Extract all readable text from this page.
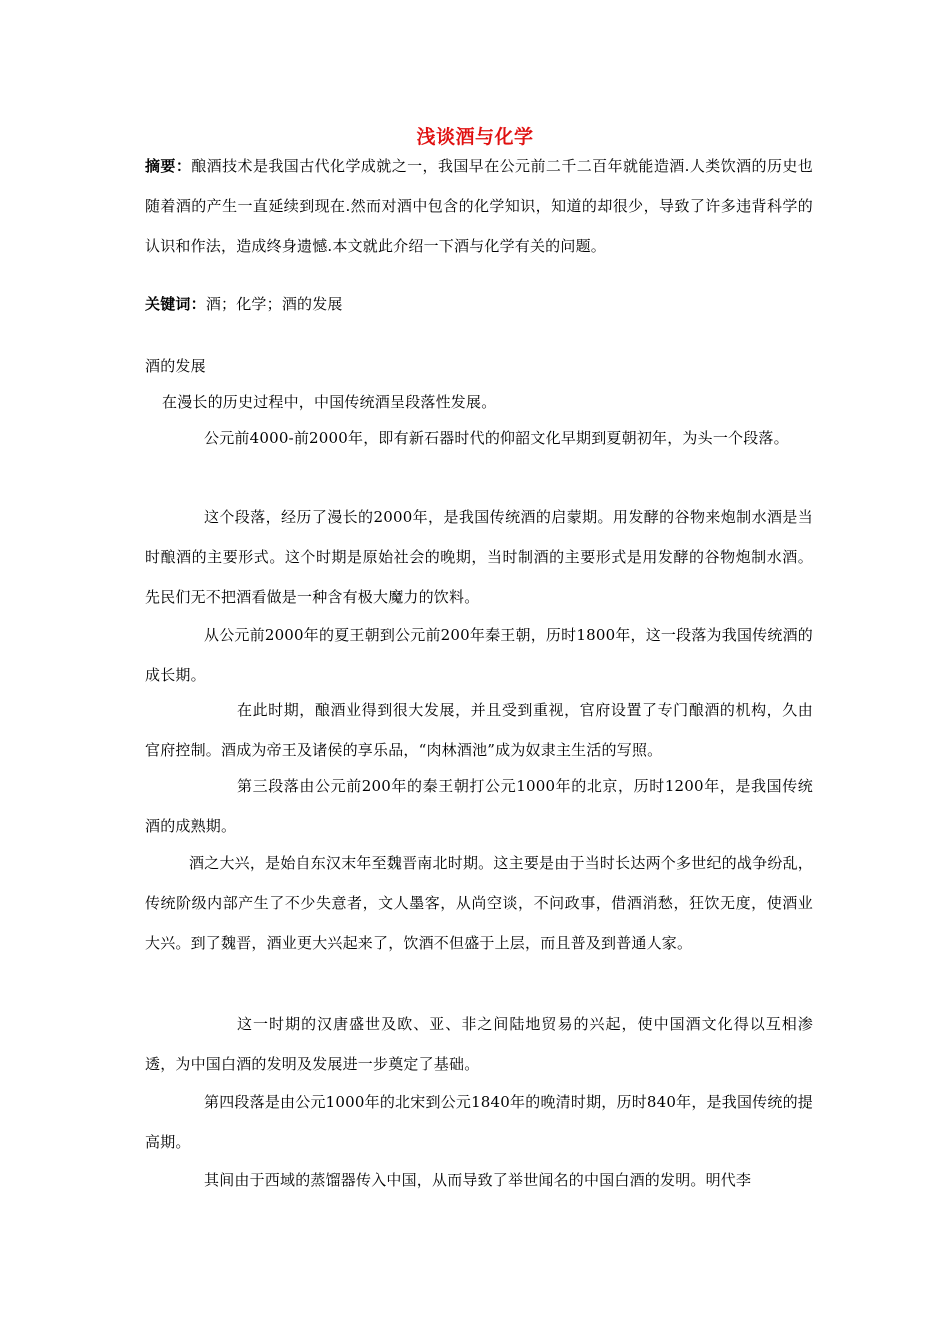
浅谈酒与化学
摘要：酿酒技术是我国古代化学成就之一，我国早在公元前二千二百年就能造酒.人类饮酒的历史也随着酒的产生一直延续到现在.然而对酒中包含的化学知识，知道的却很少，导致了许多违背科学的认识和作法，造成终身遗憾.本文就此介绍一下酒与化学有关的问题。
关键词：酒；化学；酒的发展
酒的发展
在漫长的历史过程中，中国传统酒呈段落性发展。
公元前4000-前2000年，即有新石器时代的仰韶文化早期到夏朝初年，为头一个段落。
这个段落，经历了漫长的2000年，是我国传统酒的启蒙期。用发酵的谷物来炮制水酒是当时酿酒的主要形式。这个时期是原始社会的晚期，当时制酒的主要形式是用发酵的谷物炮制水酒。先民们无不把酒看做是一种含有极大魔力的饮料。
从公元前2000年的夏王朝到公元前200年秦王朝，历时1800年，这一段落为我国传统酒的成长期。
在此时期，酿酒业得到很大发展，并且受到重视，官府设置了专门酿酒的机构，久由官府控制。酒成为帝王及诸侯的享乐品，“肉林酒池”成为奴隶主生活的写照。
第三段落由公元前200年的秦王朝打公元1000年的北京，历时1200年，是我国传统酒的成熟期。
酒之大兴，是始自东汉末年至魏晋南北时期。这主要是由于当时长达两个多世纪的战争纷乱，传统阶级内部产生了不少失意者，文人墨客，从尚空谈，不问政事，借酒消愁，狂饮无度，使酒业大兴。到了魏晋，酒业更大兴起来了，饮酒不但盛于上层，而且普及到普通人家。
这一时期的汉唐盛世及欧、亚、非之间陆地贸易的兴起，使中国酒文化得以互相渗透，为中国白酒的发明及发展进一步奠定了基础。
第四段落是由公元1000年的北宋到公元1840年的晚清时期，历时840年，是我国传统的提高期。
其间由于西域的蒸馏器传入中国，从而导致了举世闻名的中国白酒的发明。明代李
